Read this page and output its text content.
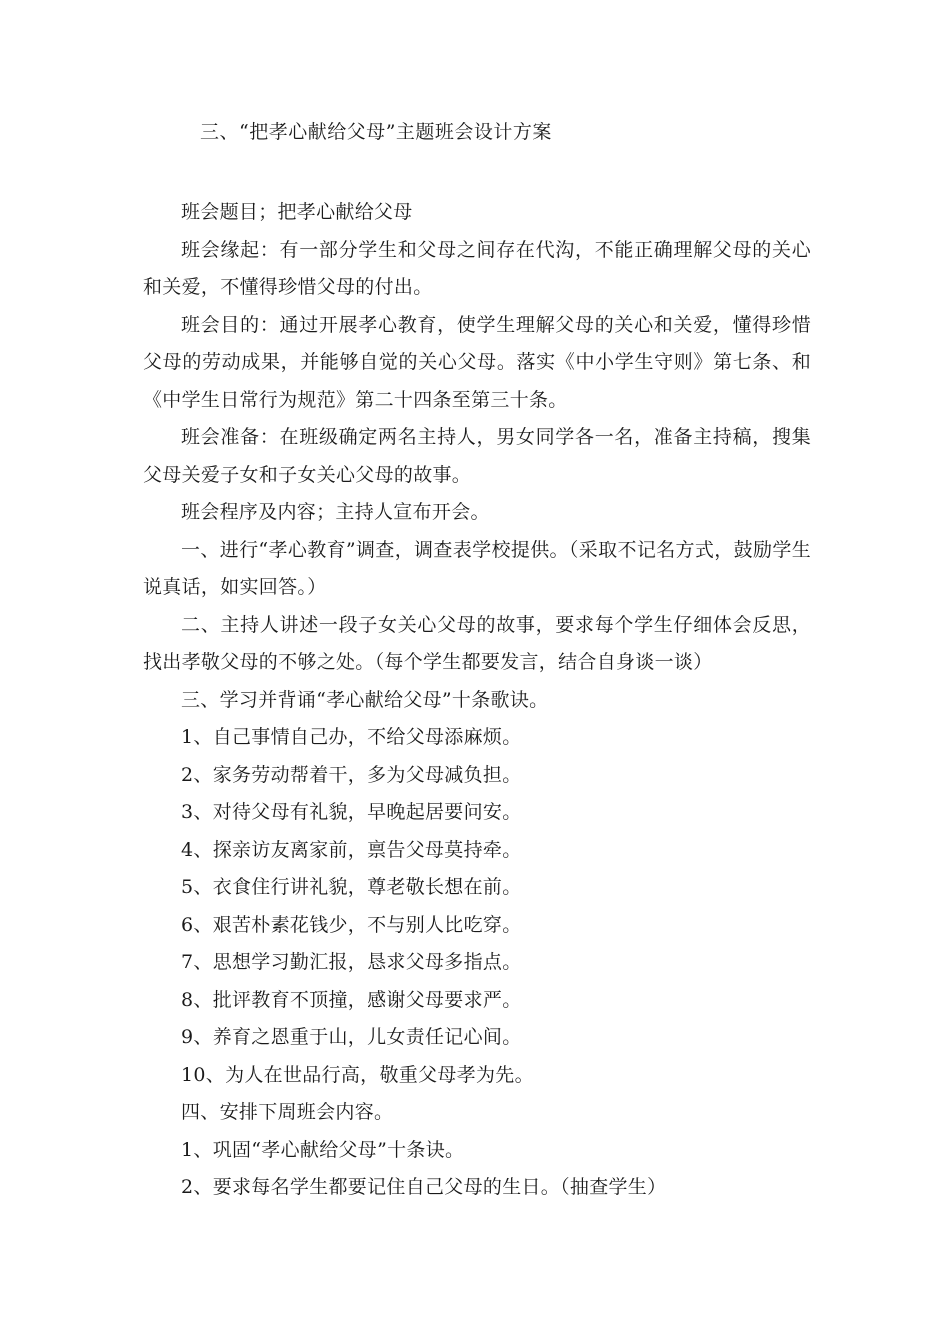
三、“把孝心献给父母”主题班会设计方案

班会题目；把孝心献给父母

班会缘起：有一部分学生和父母之间存在代沟，不能正确理解父母的关心和关爱，不懂得珍惜父母的付出。

班会目的：通过开展孝心教育，使学生理解父母的关心和关爱，懂得珍惜父母的劳动成果，并能够自觉的关心父母。落实《中小学生守则》第七条、和《中学生日常行为规范》第二十四条至第三十条。

班会准备：在班级确定两名主持人，男女同学各一名，准备主持稿，搜集父母关爱子女和子女关心父母的故事。

班会程序及内容；主持人宣布开会。

一、进行“孝心教育”调查，调查表学校提供。（采取不记名方式，鼓励学生说真话，如实回答。）

二、主持人讲述一段子女关心父母的故事，要求每个学生仔细体会反思，找出孝敬父母的不够之处。（每个学生都要发言，结合自身谈一谈）

三、学习并背诵“孝心献给父母”十条歌诀。

1、自己事情自己办，不给父母添麻烦。

2、家务劳动帮着干，多为父母减负担。

3、对待父母有礼貌，早晚起居要问安。

4、探亲访友离家前，禀告父母莫持牵。

5、衣食住行讲礼貌，尊老敬长想在前。

6、艰苦朴素花钱少，不与别人比吃穿。

7、思想学习勤汇报，恳求父母多指点。

8、批评教育不顶撞，感谢父母要求严。

9、养育之恩重于山，儿女责任记心间。

10、为人在世品行高，敬重父母孝为先。

四、安排下周班会内容。

1、巩固“孝心献给父母”十条诀。

2、要求每名学生都要记住自己父母的生日。（抽查学生）
